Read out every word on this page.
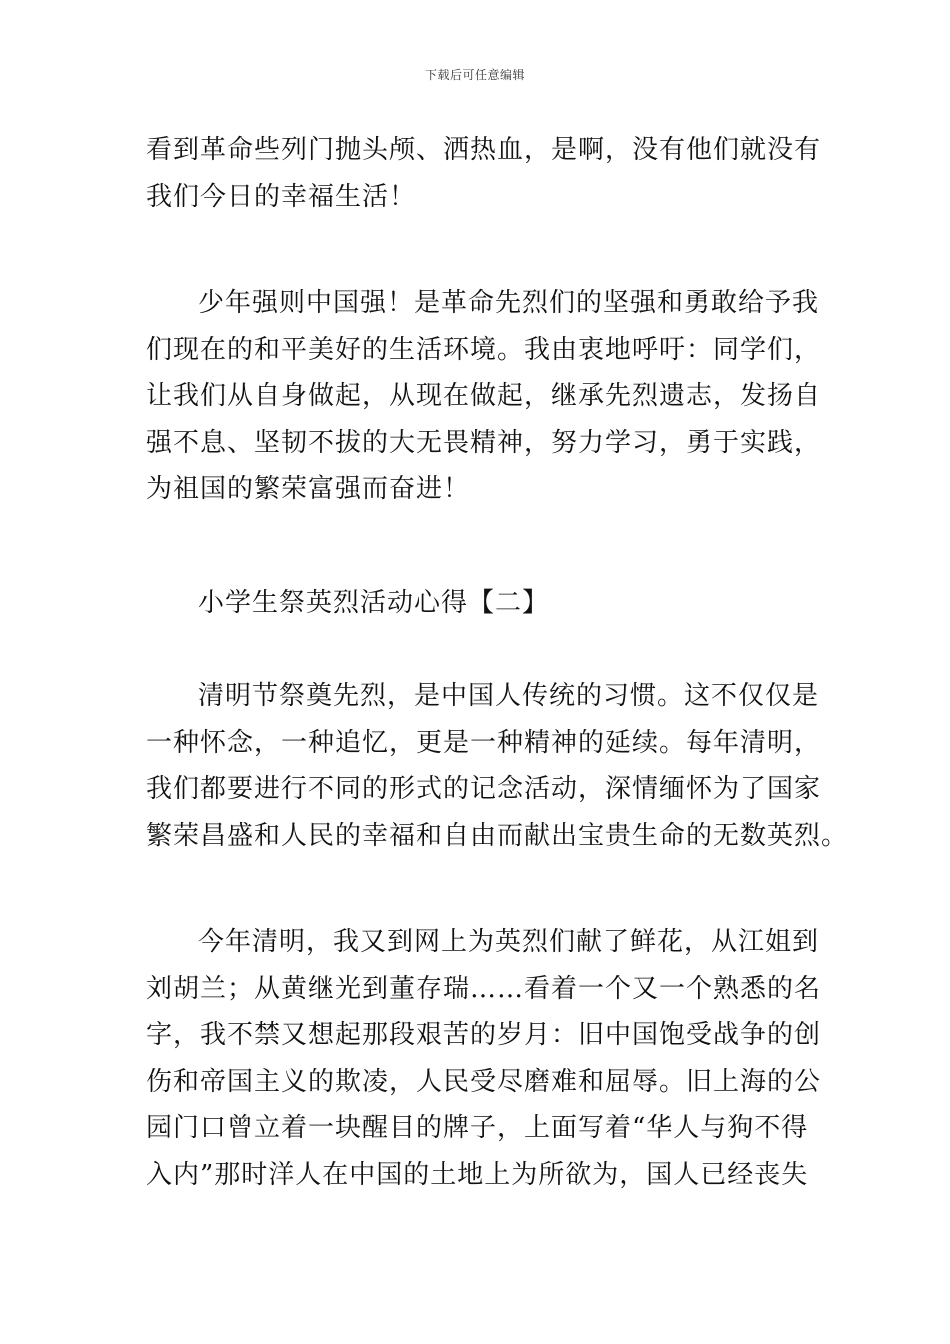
下载后可任意编辑
看到革命些列门抛头颅、洒热血，是啊，没有他们就没有
我们今日的幸福生活！
少年强则中国强！是革命先烈们的坚强和勇敢给予我
们现在的和平美好的生活环境。我由衷地呼吁：同学们，
让我们从自身做起，从现在做起，继承先烈遗志，发扬自
强不息、坚韧不拔的大无畏精神，努力学习，勇于实践，
为祖国的繁荣富强而奋进！
小学生祭英烈活动心得【二】
清明节祭奠先烈，是中国人传统的习惯。这不仅仅是
一种怀念，一种追忆，更是一种精神的延续。每年清明，
我们都要进行不同的形式的记念活动，深情缅怀为了国家
繁荣昌盛和人民的幸福和自由而献出宝贵生命的无数英烈。
今年清明，我又到网上为英烈们献了鲜花，从江姐到
刘胡兰；从黄继光到董存瑞……看着一个又一个熟悉的名
字，我不禁又想起那段艰苦的岁月：旧中国饱受战争的创
伤和帝国主义的欺凌，人民受尽磨难和屈辱。旧上海的公
园门口曾立着一块醒目的牌子，上面写着“华人与狗不得
入内”那时洋人在中国的土地上为所欲为，国人已经丧失
